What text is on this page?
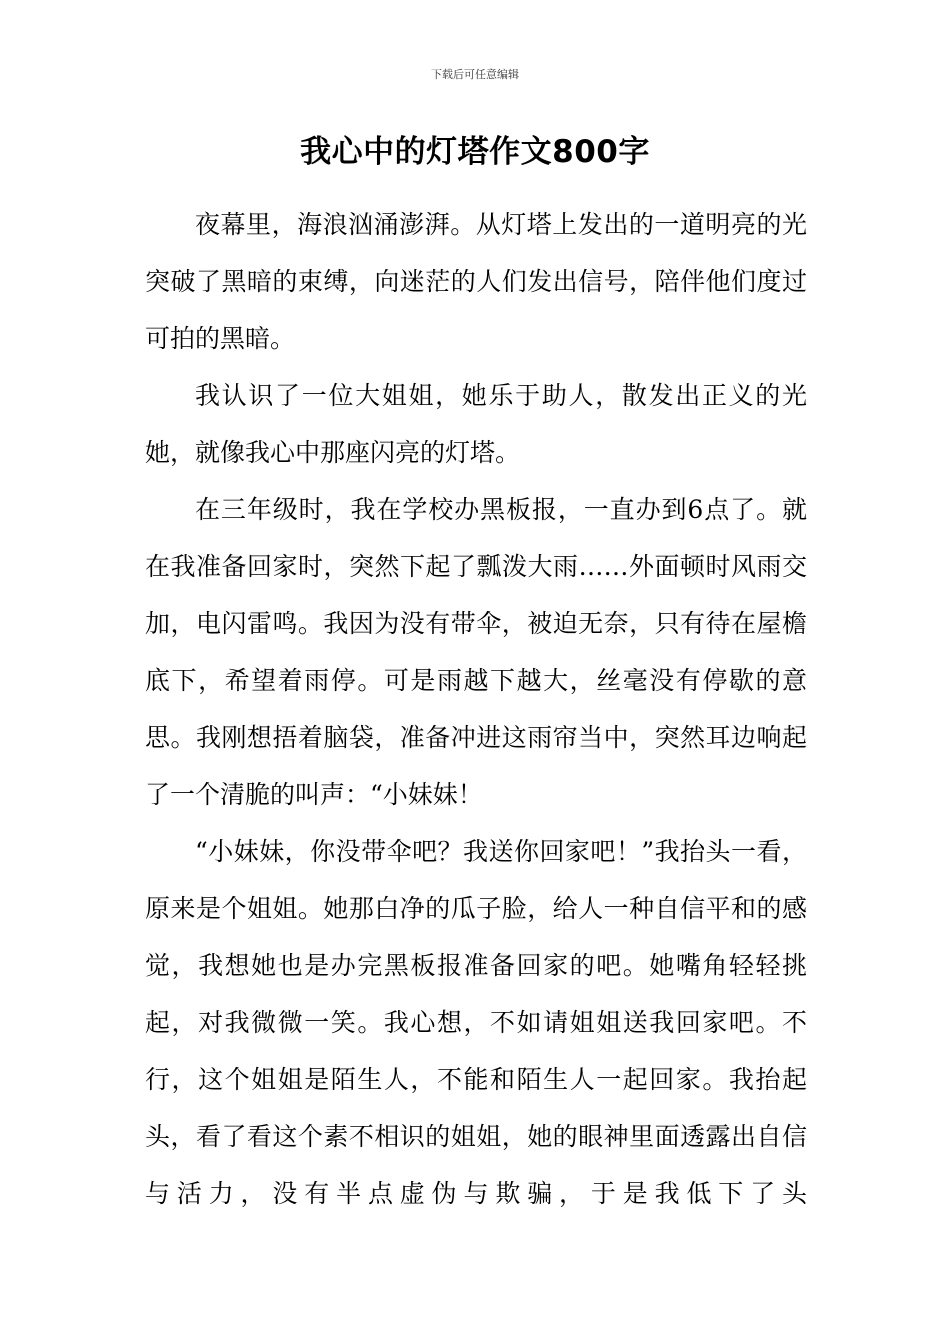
下载后可任意编辑
我心中的灯塔作文800字

夜幕里，海浪汹涌澎湃。从灯塔上发出的一道明亮的光突破了黑暗的束缚，向迷茫的人们发出信号，陪伴他们度过可拍的黑暗。

我认识了一位大姐姐，她乐于助人，散发出正义的光她，就像我心中那座闪亮的灯塔。

在三年级时，我在学校办黑板报，一直办到6点了。就在我准备回家时，突然下起了瓢泼大雨……外面顿时风雨交加，电闪雷鸣。我因为没有带伞，被迫无奈，只有待在屋檐底下，希望着雨停。可是雨越下越大，丝毫没有停歇的意思。我刚想捂着脑袋，准备冲进这雨帘当中，突然耳边响起了一个清脆的叫声：“小妹妹！

“小妹妹，你没带伞吧？我送你回家吧！”我抬头一看，原来是个姐姐。她那白净的瓜子脸，给人一种自信平和的感觉，我想她也是办完黑板报准备回家的吧。她嘴角轻轻挑起，对我微微一笑。我心想，不如请姐姐送我回家吧。不行，这个姐姐是陌生人，不能和陌生人一起回家。我抬起头，看了看这个素不相识的姐姐，她的眼神里面透露出自信与活力，没有半点虚伪与欺骗，于是我低下了头
